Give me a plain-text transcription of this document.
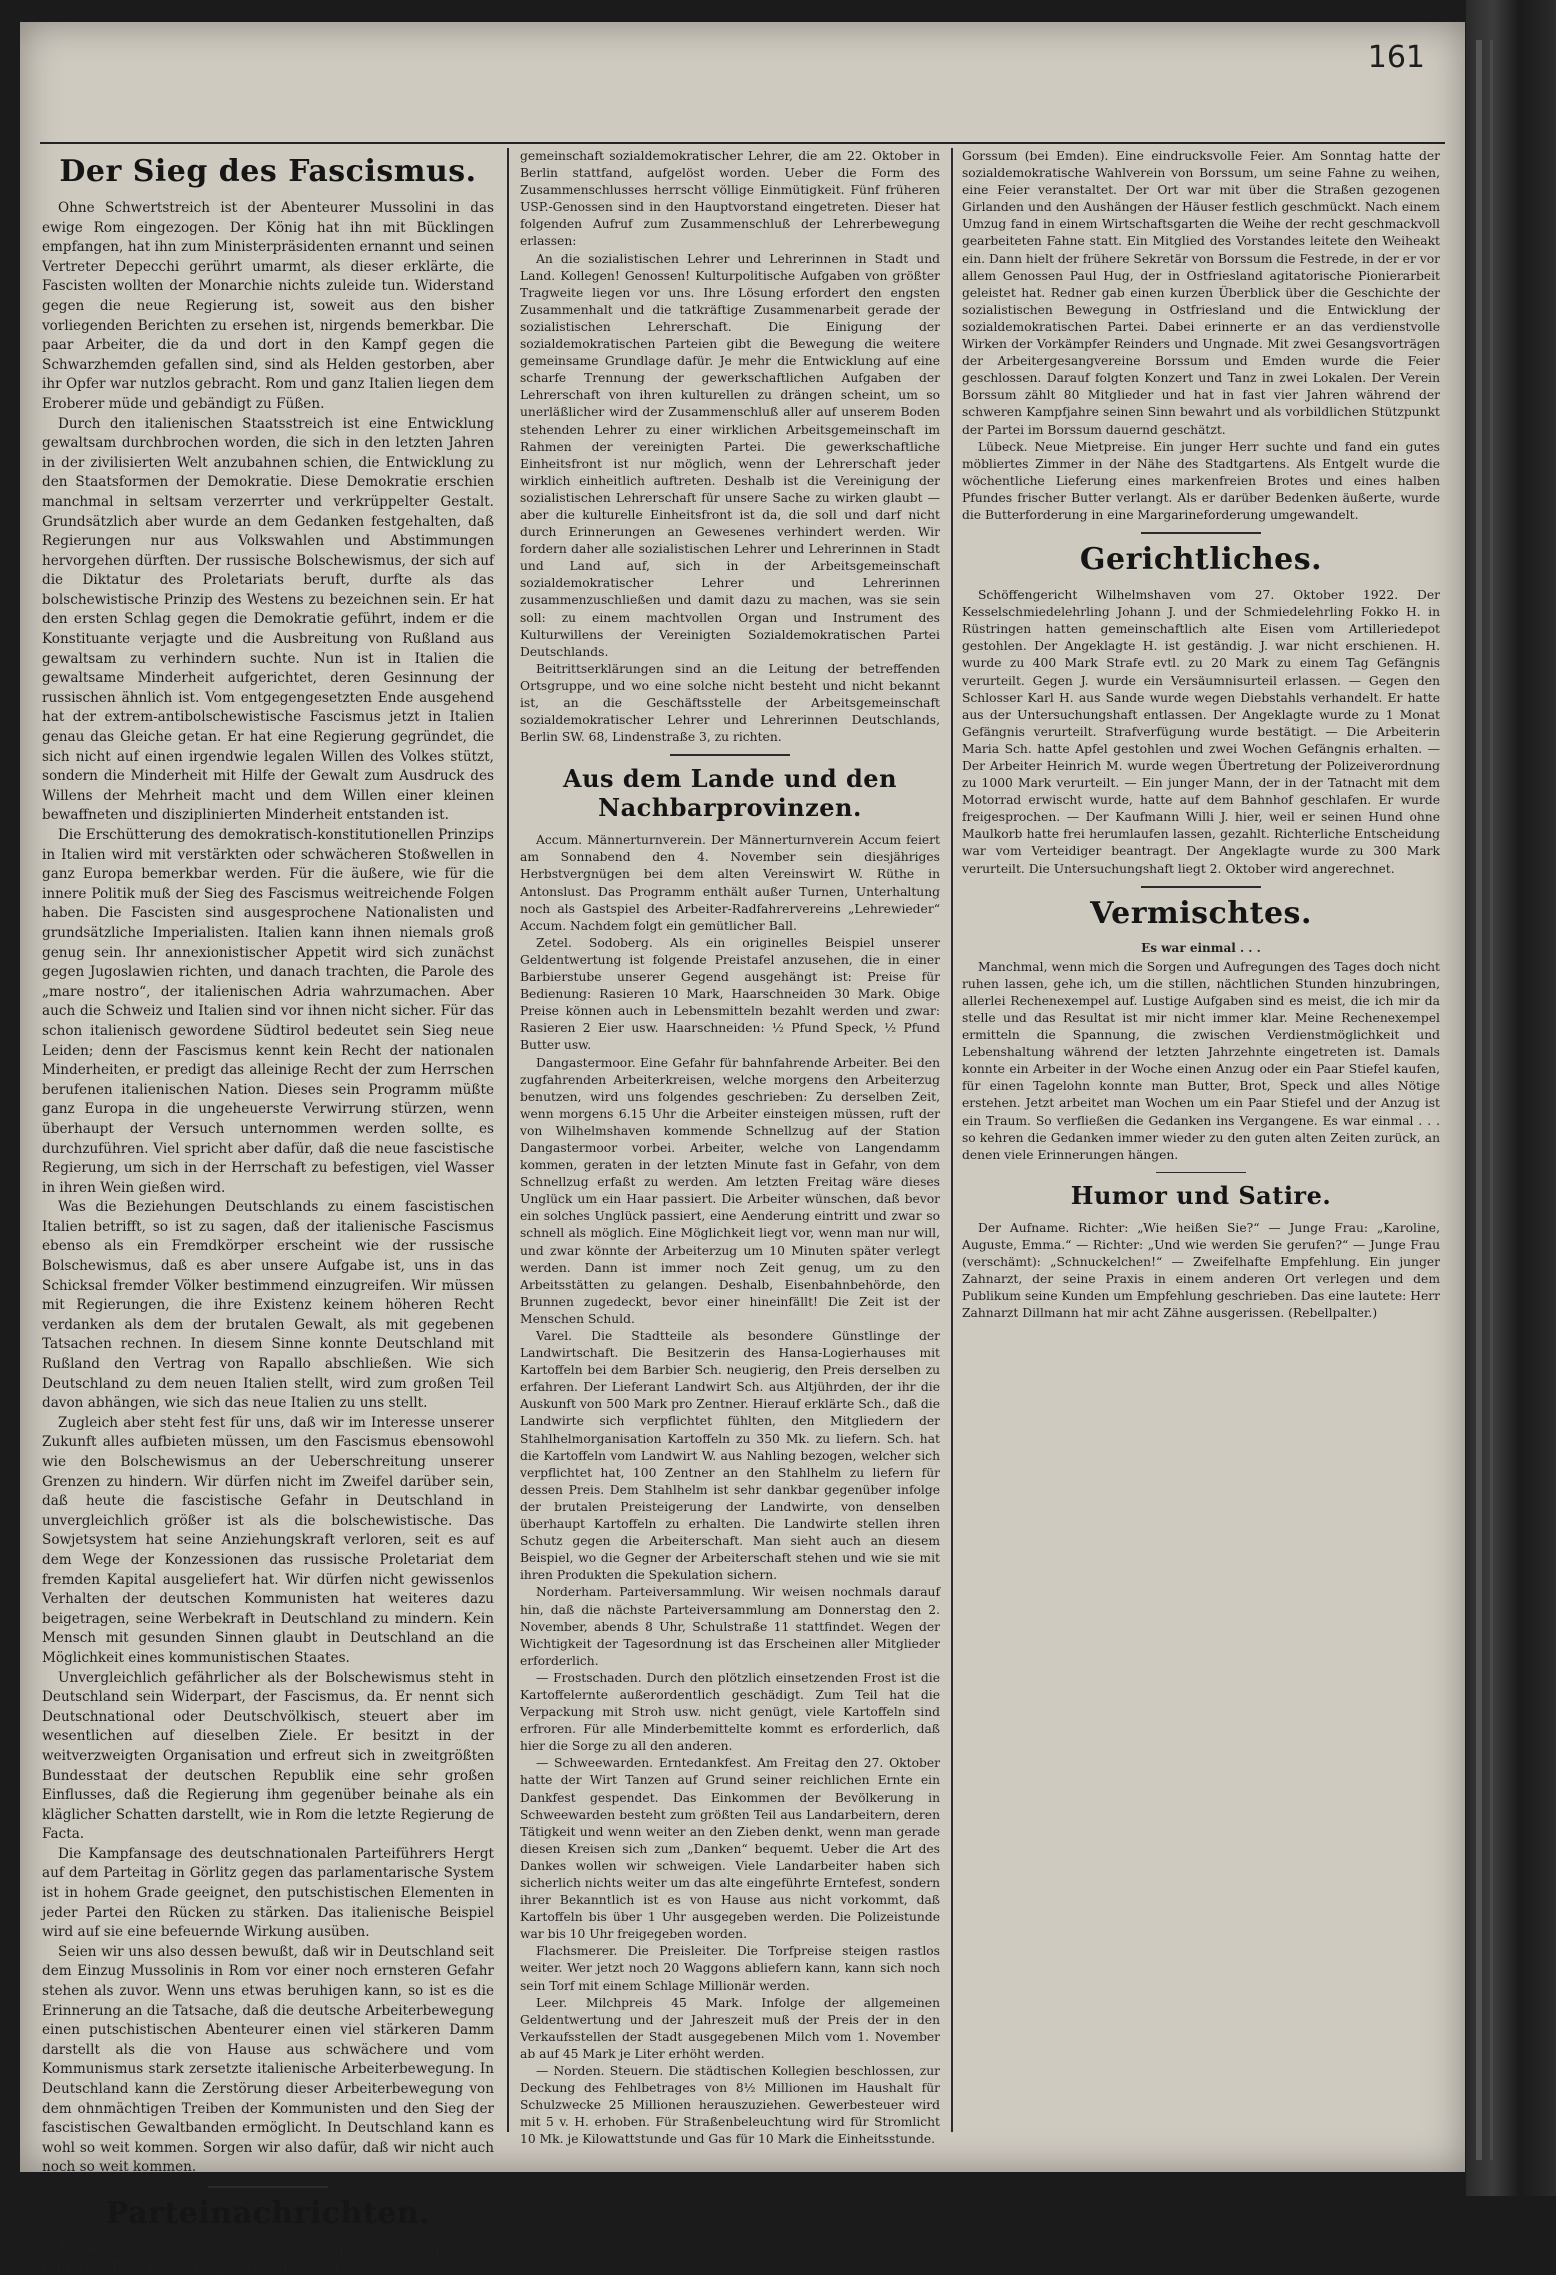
161
Der Sieg des Fascismus.

Ohne Schwertstreich ist der Abenteurer Mussolini in das ewige Rom eingezogen. Der König hat ihn mit Bücklingen empfangen, hat ihn zum Ministerpräsidenten ernannt und seinen Vertreter Depecchi gerührt umarmt, als dieser erklärte, die Fascisten wollten der Monarchie nichts zuleide tun. Widerstand gegen die neue Regierung ist, soweit aus den bisher vorliegenden Berichten zu ersehen ist, nirgends bemerkbar. Die paar Arbeiter, die da und dort in den Kampf gegen die Schwarzhemden gefallen sind, sind als Helden gestorben, aber ihr Opfer war nutzlos gebracht. Rom und ganz Italien liegen dem Eroberer müde und gebändigt zu Füßen.

Durch den italienischen Staatsstreich ist eine Entwicklung gewaltsam durchbrochen worden, die sich in den letzten Jahren in der zivilisierten Welt anzubahnen schien, die Entwicklung zu den Staatsformen der Demokratie. Diese Demokratie erschien manchmal in seltsam verzerrter und verkrüppelter Gestalt. Grundsätzlich aber wurde an dem Gedanken festgehalten, daß Regierungen nur aus Volkswahlen und Abstimmungen hervorgehen dürften. Der russische Bolschewismus, der sich auf die Diktatur des Proletariats beruft, durfte als das bolschewistische Prinzip des Westens zu bezeichnen sein. Er hat den ersten Schlag gegen die Demokratie geführt, indem er die Konstituante verjagte und die Ausbreitung von Rußland aus gewaltsam zu verhindern suchte. Nun ist in Italien die gewaltsame Minderheit aufgerichtet, deren Gesinnung der russischen ähnlich ist. Vom entgegengesetzten Ende ausgehend hat der extrem-antibolschewistische Fascismus jetzt in Italien genau das Gleiche getan. Er hat eine Regierung gegründet, die sich nicht auf einen irgendwie legalen Willen des Volkes stützt, sondern die Minderheit mit Hilfe der Gewalt zum Ausdruck des Willens der Mehrheit macht und dem Willen einer kleinen bewaffneten und disziplinierten Minderheit entstanden ist.

Die Erschütterung des demokratisch-konstitutionellen Prinzips in Italien wird mit verstärkten oder schwächeren Stoßwellen in ganz Europa bemerkbar werden. Für die äußere, wie für die innere Politik muß der Sieg des Fascismus weitreichende Folgen haben. Die Fascisten sind ausgesprochene Nationalisten und grundsätzliche Imperialisten. Italien kann ihnen niemals groß genug sein. Ihr annexionistischer Appetit wird sich zunächst gegen Jugoslawien richten, und danach trachten, die Parole des „mare nostro“, der italienischen Adria wahrzumachen. Aber auch die Schweiz und Italien sind vor ihnen nicht sicher. Für das schon italienisch gewordene Südtirol bedeutet sein Sieg neue Leiden; denn der Fascismus kennt kein Recht der nationalen Minderheiten, er predigt das alleinige Recht der zum Herrschen berufenen italienischen Nation. Dieses sein Programm müßte ganz Europa in die ungeheuerste Verwirrung stürzen, wenn überhaupt der Versuch unternommen werden sollte, es durchzuführen. Viel spricht aber dafür, daß die neue fascistische Regierung, um sich in der Herrschaft zu befestigen, viel Wasser in ihren Wein gießen wird.

Was die Beziehungen Deutschlands zu einem fascistischen Italien betrifft, so ist zu sagen, daß der italienische Fascismus ebenso als ein Fremdkörper erscheint wie der russische Bolschewismus, daß es aber unsere Aufgabe ist, uns in das Schicksal fremder Völker bestimmend einzugreifen. Wir müssen mit Regierungen, die ihre Existenz keinem höheren Recht verdanken als dem der brutalen Gewalt, als mit gegebenen Tatsachen rechnen. In diesem Sinne konnte Deutschland mit Rußland den Vertrag von Rapallo abschließen. Wie sich Deutschland zu dem neuen Italien stellt, wird zum großen Teil davon abhängen, wie sich das neue Italien zu uns stellt.

Zugleich aber steht fest für uns, daß wir im Interesse unserer Zukunft alles aufbieten müssen, um den Fascismus ebensowohl wie den Bolschewismus an der Ueberschreitung unserer Grenzen zu hindern. Wir dürfen nicht im Zweifel darüber sein, daß heute die fascistische Gefahr in Deutschland in unvergleichlich größer ist als die bolschewistische. Das Sowjetsystem hat seine Anziehungskraft verloren, seit es auf dem Wege der Konzessionen das russische Proletariat dem fremden Kapital ausgeliefert hat. Wir dürfen nicht gewissenlos Verhalten der deutschen Kommunisten hat weiteres dazu beigetragen, seine Werbekraft in Deutschland zu mindern. Kein Mensch mit gesunden Sinnen glaubt in Deutschland an die Möglichkeit eines kommunistischen Staates.

Unvergleichlich gefährlicher als der Bolschewismus steht in Deutschland sein Widerpart, der Fascismus, da. Er nennt sich Deutschnational oder Deutschvölkisch, steuert aber im wesentlichen auf dieselben Ziele. Er besitzt in der weitverzweigten Organisation und erfreut sich in zweitgrößten Bundesstaat der deutschen Republik eine sehr großen Einflusses, daß die Regierung ihm gegenüber beinahe als ein kläglicher Schatten darstellt, wie in Rom die letzte Regierung de Facta.

Die Kampfansage des deutschnationalen Parteiführers Hergt auf dem Parteitag in Görlitz gegen das parlamentarische System ist in hohem Grade geeignet, den putschistischen Elementen in jeder Partei den Rücken zu stärken. Das italienische Beispiel wird auf sie eine befeuernde Wirkung ausüben.

Seien wir uns also dessen bewußt, daß wir in Deutschland seit dem Einzug Mussolinis in Rom vor einer noch ernsteren Gefahr stehen als zuvor. Wenn uns etwas beruhigen kann, so ist es die Erinnerung an die Tatsache, daß die deutsche Arbeiterbewegung einen putschistischen Abenteurer einen viel stärkeren Damm darstellt als die von Hause aus schwächere und vom Kommunismus stark zersetzte italienische Arbeiterbewegung. In Deutschland kann die Zerstörung dieser Arbeiterbewegung von dem ohnmächtigen Treiben der Kommunisten und den Sieg der fascistischen Gewaltbanden ermöglicht. In Deutschland kann es wohl so weit kommen. Sorgen wir also dafür, daß wir nicht auch noch so weit kommen.

Parteinachrichten.

An die sozialistischen Lehrer! Die Vereinigung der sozialistischen Lehrerschaft ist auf der Hauptvorstandssitzung der Arbeits-

gemeinschaft sozialdemokratischer Lehrer, die am 22. Oktober in Berlin stattfand, aufgelöst worden. Ueber die Form des Zusammenschlusses herrscht völlige Einmütigkeit. Fünf früheren USP.-Genossen sind in den Hauptvorstand eingetreten. Dieser hat folgenden Aufruf zum Zusammenschluß der Lehrerbewegung erlassen:

An die sozialistischen Lehrer und Lehrerinnen in Stadt und Land. Kollegen! Genossen! Kulturpolitische Aufgaben von größter Tragweite liegen vor uns. Ihre Lösung erfordert den engsten Zusammenhalt und die tatkräftige Zusammenarbeit gerade der sozialistischen Lehrerschaft. Die Einigung der sozialdemokratischen Parteien gibt die Bewegung die weitere gemeinsame Grundlage dafür. Je mehr die Entwicklung auf eine scharfe Trennung der gewerkschaftlichen Aufgaben der Lehrerschaft von ihren kulturellen zu drängen scheint, um so unerläßlicher wird der Zusammenschluß aller auf unserem Boden stehenden Lehrer zu einer wirklichen Arbeitsgemeinschaft im Rahmen der vereinigten Partei. Die gewerkschaftliche Einheitsfront ist nur möglich, wenn der Lehrerschaft jeder wirklich einheitlich auftreten. Deshalb ist die Vereinigung der sozialistischen Lehrerschaft für unsere Sache zu wirken glaubt — aber die kulturelle Einheitsfront ist da, die soll und darf nicht durch Erinnerungen an Gewesenes verhindert werden. Wir fordern daher alle sozialistischen Lehrer und Lehrerinnen in Stadt und Land auf, sich in der Arbeitsgemeinschaft sozialdemokratischer Lehrer und Lehrerinnen zusammenzuschließen und damit dazu zu machen, was sie sein soll: zu einem machtvollen Organ und Instrument des Kulturwillens der Vereinigten Sozialdemokratischen Partei Deutschlands.

Beitrittserklärungen sind an die Leitung der betreffenden Ortsgruppe, und wo eine solche nicht besteht und nicht bekannt ist, an die Geschäftsstelle der Arbeitsgemeinschaft sozialdemokratischer Lehrer und Lehrerinnen Deutschlands, Berlin SW. 68, Lindenstraße 3, zu richten.

Aus dem Lande und den Nachbarprovinzen.

Accum. Männerturnverein. Der Männerturnverein Accum feiert am Sonnabend den 4. November sein diesjähriges Herbstvergnügen bei dem alten Vereinswirt W. Rüthe in Antonslust. Das Programm enthält außer Turnen, Unterhaltung noch als Gastspiel des Arbeiter-Radfahrervereins „Lehrewieder“ Accum. Nachdem folgt ein gemütlicher Ball.

Zetel. Sodoberg. Als ein originelles Beispiel unserer Geldentwertung ist folgende Preistafel anzusehen, die in einer Barbierstube unserer Gegend ausgehängt ist: Preise für Bedienung: Rasieren 10 Mark, Haarschneiden 30 Mark. Obige Preise können auch in Lebensmitteln bezahlt werden und zwar: Rasieren 2 Eier usw. Haarschneiden: ½ Pfund Speck, ½ Pfund Butter usw.

Dangastermoor. Eine Gefahr für bahnfahrende Arbeiter. Bei den zugfahrenden Arbeiterkreisen, welche morgens den Arbeiterzug benutzen, wird uns folgendes geschrieben: Zu derselben Zeit, wenn morgens 6.15 Uhr die Arbeiter einsteigen müssen, ruft der von Wilhelmshaven kommende Schnellzug auf der Station Dangastermoor vorbei. Arbeiter, welche von Langendamm kommen, geraten in der letzten Minute fast in Gefahr, von dem Schnellzug erfaßt zu werden. Am letzten Freitag wäre dieses Unglück um ein Haar passiert. Die Arbeiter wünschen, daß bevor ein solches Unglück passiert, eine Aenderung eintritt und zwar so schnell als möglich. Eine Möglichkeit liegt vor, wenn man nur will, und zwar könnte der Arbeiterzug um 10 Minuten später verlegt werden. Dann ist immer noch Zeit genug, um zu den Arbeitsstätten zu gelangen. Deshalb, Eisenbahnbehörde, den Brunnen zugedeckt, bevor einer hineinfällt! Die Zeit ist der Menschen Schuld.

Varel. Die Stadtteile als besondere Günstlinge der Landwirtschaft. Die Besitzerin des Hansa-Logierhauses mit Kartoffeln bei dem Barbier Sch. neugierig, den Preis derselben zu erfahren. Der Lieferant Landwirt Sch. aus Altjührden, der ihr die Auskunft von 500 Mark pro Zentner. Hierauf erklärte Sch., daß die Landwirte sich verpflichtet fühlten, den Mitgliedern der Stahlhelmorganisation Kartoffeln zu 350 Mk. zu liefern. Sch. hat die Kartoffeln vom Landwirt W. aus Nahling bezogen, welcher sich verpflichtet hat, 100 Zentner an den Stahlhelm zu liefern für dessen Preis. Dem Stahlhelm ist sehr dankbar gegenüber infolge der brutalen Preisteigerung der Landwirte, von denselben überhaupt Kartoffeln zu erhalten. Die Landwirte stellen ihren Schutz gegen die Arbeiterschaft. Man sieht auch an diesem Beispiel, wo die Gegner der Arbeiterschaft stehen und wie sie mit ihren Produkten die Spekulation sichern.

Norderham. Parteiversammlung. Wir weisen nochmals darauf hin, daß die nächste Parteiversammlung am Donnerstag den 2. November, abends 8 Uhr, Schulstraße 11 stattfindet. Wegen der Wichtigkeit der Tagesordnung ist das Erscheinen aller Mitglieder erforderlich.

— Frostschaden. Durch den plötzlich einsetzenden Frost ist die Kartoffelernte außerordentlich geschädigt. Zum Teil hat die Verpackung mit Stroh usw. nicht genügt, viele Kartoffeln sind erfroren. Für alle Minderbemittelte kommt es erforderlich, daß hier die Sorge zu all den anderen.

— Schweewarden. Erntedankfest. Am Freitag den 27. Oktober hatte der Wirt Tanzen auf Grund seiner reichlichen Ernte ein Dankfest gespendet. Das Einkommen der Bevölkerung in Schweewarden besteht zum größten Teil aus Landarbeitern, deren Tätigkeit und wenn weiter an den Zieben denkt, wenn man gerade diesen Kreisen sich zum „Danken“ bequemt. Ueber die Art des Dankes wollen wir schweigen. Viele Landarbeiter haben sich sicherlich nichts weiter um das alte eingeführte Erntefest, sondern ihrer Bekanntlich ist es von Hause aus nicht vorkommt, daß Kartoffeln bis über 1 Uhr ausgegeben werden. Die Polizeistunde war bis 10 Uhr freigegeben worden.

Flachsmerer. Die Preisleiter. Die Torfpreise steigen rastlos weiter. Wer jetzt noch 20 Waggons abliefern kann, kann sich noch sein Torf mit einem Schlage Millionär werden.

Leer. Milchpreis 45 Mark. Infolge der allgemeinen Geldentwertung und der Jahreszeit muß der Preis der in den Verkaufsstellen der Stadt ausgegebenen Milch vom 1. November ab auf 45 Mark je Liter erhöht werden.

— Norden. Steuern. Die städtischen Kollegien beschlossen, zur Deckung des Fehlbetrages von 8½ Millionen im Haushalt für Schulzwecke 25 Millionen herauszuziehen. Gewerbesteuer wird mit 5 v. H. erhoben. Für Straßenbeleuchtung wird für Stromlicht 10 Mk. je Kilowattstunde und Gas für 10 Mark die Einheitsstunde.

Gorssum (bei Emden). Eine eindrucksvolle Feier. Am Sonntag hatte der sozialdemokratische Wahlverein von Borssum, um seine Fahne zu weihen, eine Feier veranstaltet. Der Ort war mit über die Straßen gezogenen Girlanden und den Aushängen der Häuser festlich geschmückt. Nach einem Umzug fand in einem Wirtschaftsgarten die Weihe der recht geschmackvoll gearbeiteten Fahne statt. Ein Mitglied des Vorstandes leitete den Weiheakt ein. Dann hielt der frühere Sekretär von Borssum die Festrede, in der er vor allem Genossen Paul Hug, der in Ostfriesland agitatorische Pionierarbeit geleistet hat. Redner gab einen kurzen Überblick über die Geschichte der sozialistischen Bewegung in Ostfriesland und die Entwicklung der sozialdemokratischen Partei. Dabei erinnerte er an das verdienstvolle Wirken der Vorkämpfer Reinders und Ungnade. Mit zwei Gesangsvorträgen der Arbeitergesangvereine Borssum und Emden wurde die Feier geschlossen. Darauf folgten Konzert und Tanz in zwei Lokalen. Der Verein Borssum zählt 80 Mitglieder und hat in fast vier Jahren während der schweren Kampfjahre seinen Sinn bewahrt und als vorbildlichen Stützpunkt der Partei im Borssum dauernd geschätzt.

Lübeck. Neue Mietpreise. Ein junger Herr suchte und fand ein gutes möbliertes Zimmer in der Nähe des Stadtgartens. Als Entgelt wurde die wöchentliche Lieferung eines markenfreien Brotes und eines halben Pfundes frischer Butter verlangt. Als er darüber Bedenken äußerte, wurde die Butterforderung in eine Margarineforderung umgewandelt.

Gerichtliches.

Schöffengericht Wilhelmshaven vom 27. Oktober 1922. Der Kesselschmiedelehrling Johann J. und der Schmiedelehrling Fokko H. in Rüstringen hatten gemeinschaftlich alte Eisen vom Artilleriedepot gestohlen. Der Angeklagte H. ist geständig. J. war nicht erschienen. H. wurde zu 400 Mark Strafe evtl. zu 20 Mark zu einem Tag Gefängnis verurteilt. Gegen J. wurde ein Versäumnisurteil erlassen. — Gegen den Schlosser Karl H. aus Sande wurde wegen Diebstahls verhandelt. Er hatte aus der Untersuchungshaft entlassen. Der Angeklagte wurde zu 1 Monat Gefängnis verurteilt. Strafverfügung wurde bestätigt. — Die Arbeiterin Maria Sch. hatte Apfel gestohlen und zwei Wochen Gefängnis erhalten. — Der Arbeiter Heinrich M. wurde wegen Übertretung der Polizeiverordnung zu 1000 Mark verurteilt. — Ein junger Mann, der in der Tatnacht mit dem Motorrad erwischt wurde, hatte auf dem Bahnhof geschlafen. Er wurde freigesprochen. — Der Kaufmann Willi J. hier, weil er seinen Hund ohne Maulkorb hatte frei herumlaufen lassen, gezahlt. Richterliche Entscheidung war vom Verteidiger beantragt. Der Angeklagte wurde zu 300 Mark verurteilt. Die Untersuchungshaft liegt 2. Oktober wird angerechnet.

Vermischtes.
Es war einmal . . .

Manchmal, wenn mich die Sorgen und Aufregungen des Tages doch nicht ruhen lassen, gehe ich, um die stillen, nächtlichen Stunden hinzubringen, allerlei Rechenexempel auf. Lustige Aufgaben sind es meist, die ich mir da stelle und das Resultat ist mir nicht immer klar. Meine Rechenexempel ermitteln die Spannung, die zwischen Verdienstmöglichkeit und Lebenshaltung während der letzten Jahrzehnte eingetreten ist. Damals konnte ein Arbeiter in der Woche einen Anzug oder ein Paar Stiefel kaufen, für einen Tagelohn konnte man Butter, Brot, Speck und alles Nötige erstehen. Jetzt arbeitet man Wochen um ein Paar Stiefel und der Anzug ist ein Traum. So verfließen die Gedanken ins Vergangene. Es war einmal . . . so kehren die Gedanken immer wieder zu den guten alten Zeiten zurück, an denen viele Erinnerungen hängen.

Humor und Satire.

Der Aufname. Richter: „Wie heißen Sie?“ — Junge Frau: „Karoline, Auguste, Emma.“ — Richter: „Und wie werden Sie gerufen?“ — Junge Frau (verschämt): „Schnuckelchen!“ — Zweifelhafte Empfehlung. Ein junger Zahnarzt, der seine Praxis in einem anderen Ort verlegen und dem Publikum seine Kunden um Empfehlung geschrieben. Das eine lautete: Herr Zahnarzt Dillmann hat mir acht Zähne ausgerissen. (Rebellpalter.)
